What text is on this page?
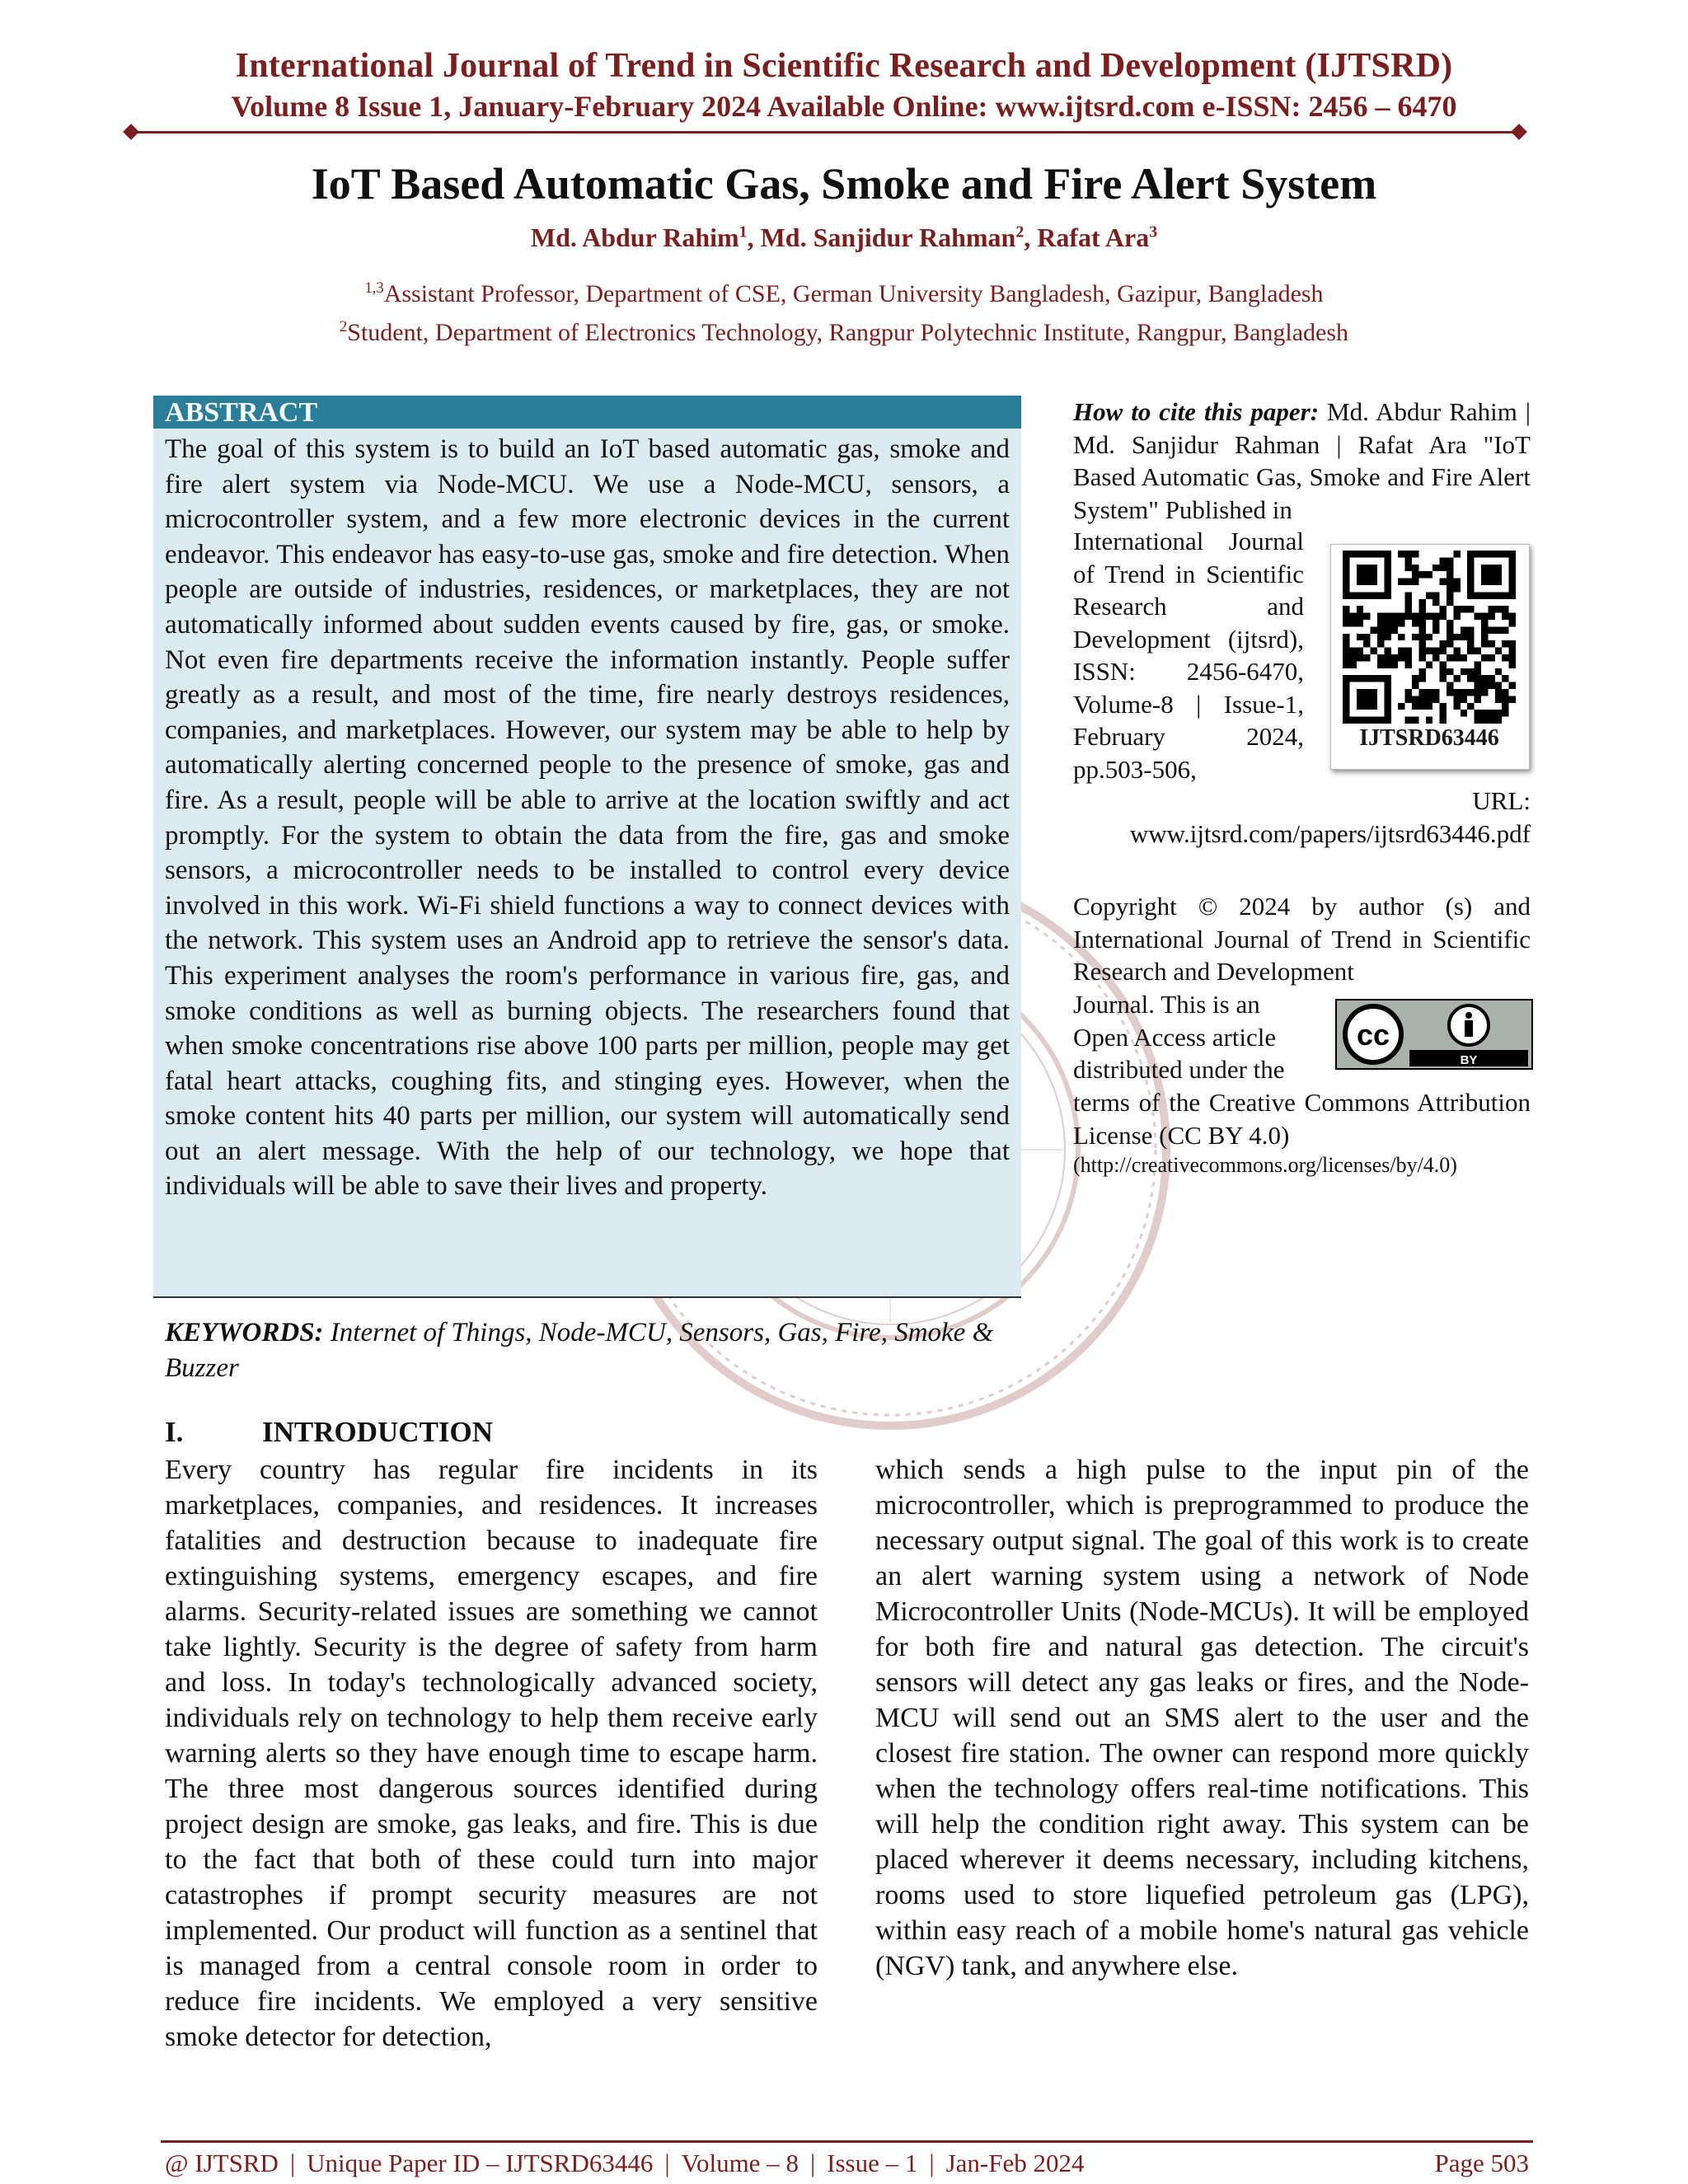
International Journal of Trend in Scientific Research and Development (IJTSRD)
Volume 8 Issue 1, January-February 2024 Available Online: www.ijtsrd.com e-ISSN: 2456 – 6470
IoT Based Automatic Gas, Smoke and Fire Alert System
Md. Abdur Rahim$^1$, Md. Sanjidur Rahman$^2$, Rafat Ara$^3$
$^{1,3}$Assistant Professor, Department of CSE, German University Bangladesh, Gazipur, Bangladesh
$^2$Student, Department of Electronics Technology, Rangpur Polytechnic Institute, Rangpur, Bangladesh
ABSTRACT
The goal of this system is to build an IoT based automatic gas, smoke and fire alert system via Node-MCU. We use a Node-MCU, sensors, a microcontroller system, and a few more electronic devices in the current endeavor. This endeavor has easy-to-use gas, smoke and fire detection. When people are outside of industries, residences, or marketplaces, they are not automatically informed about sudden events caused by fire, gas, or smoke. Not even fire departments receive the information instantly. People suffer greatly as a result, and most of the time, fire nearly destroys residences, companies, and marketplaces. However, our system may be able to help by automatically alerting concerned people to the presence of smoke, gas and fire. As a result, people will be able to arrive at the location swiftly and act promptly. For the system to obtain the data from the fire, gas and smoke sensors, a microcontroller needs to be installed to control every device involved in this work. Wi-Fi shield functions a way to connect devices with the network. This system uses an Android app to retrieve the sensor's data. This experiment analyses the room's performance in various fire, gas, and smoke conditions as well as burning objects. The researchers found that when smoke concentrations rise above 100 parts per million, people may get fatal heart attacks, coughing fits, and stinging eyes. However, when the smoke content hits 40 parts per million, our system will automatically send out an alert message. With the help of our technology, we hope that individuals will be able to save their lives and property.
KEYWORDS: Internet of Things, Node-MCU, Sensors, Gas, Fire, Smoke & Buzzer
How to cite this paper: Md. Abdur Rahim | Md. Sanjidur Rahman | Rafat Ara "IoT Based Automatic Gas, Smoke and Fire Alert System" Published in
International Journal of Trend in Scientific Research and Development (ijtsrd), ISSN: 2456-6470, Volume-8 | Issue-1, February 2024, pp.503-506,
URL: www.ijtsrd.com/papers/ijtsrd63446.pdf
IJTSRD63446
Copyright © 2024 by author (s) and International Journal of Trend in Scientific Research and Development
Journal. This is an Open Access article distributed under the
terms of the Creative Commons Attribution License (CC BY 4.0)
(http://creativecommons.org/licenses/by/4.0)
cc
BY
I.	INTRODUCTION
Every country has regular fire incidents in its marketplaces, companies, and residences. It increases fatalities and destruction because to inadequate fire extinguishing systems, emergency escapes, and fire alarms. Security-related issues are something we cannot take lightly. Security is the degree of safety from harm and loss. In today's technologically advanced society, individuals rely on technology to help them receive early warning alerts so they have enough time to escape harm. The three most dangerous sources identified during project design are smoke, gas leaks, and fire. This is due to the fact that both of these could turn into major catastrophes if prompt security measures are not implemented. Our product will function as a sentinel that is managed from a central console room in order to reduce fire incidents. We employed a very sensitive smoke detector for detection,
which sends a high pulse to the input pin of the microcontroller, which is preprogrammed to produce the necessary output signal. The goal of this work is to create an alert warning system using a network of Node Microcontroller Units (Node-MCUs). It will be employed for both fire and natural gas detection. The circuit's sensors will detect any gas leaks or fires, and the Node-MCU will send out an SMS alert to the user and the closest fire station. The owner can respond more quickly when the technology offers real-time notifications. This will help the condition right away. This system can be placed wherever it deems necessary, including kitchens, rooms used to store liquefied petroleum gas (LPG), within easy reach of a mobile home's natural gas vehicle (NGV) tank, and anywhere else.
@ IJTSRD | Unique Paper ID – IJTSRD63446 | Volume – 8 | Issue – 1 | Jan-Feb 2024	Page 503
